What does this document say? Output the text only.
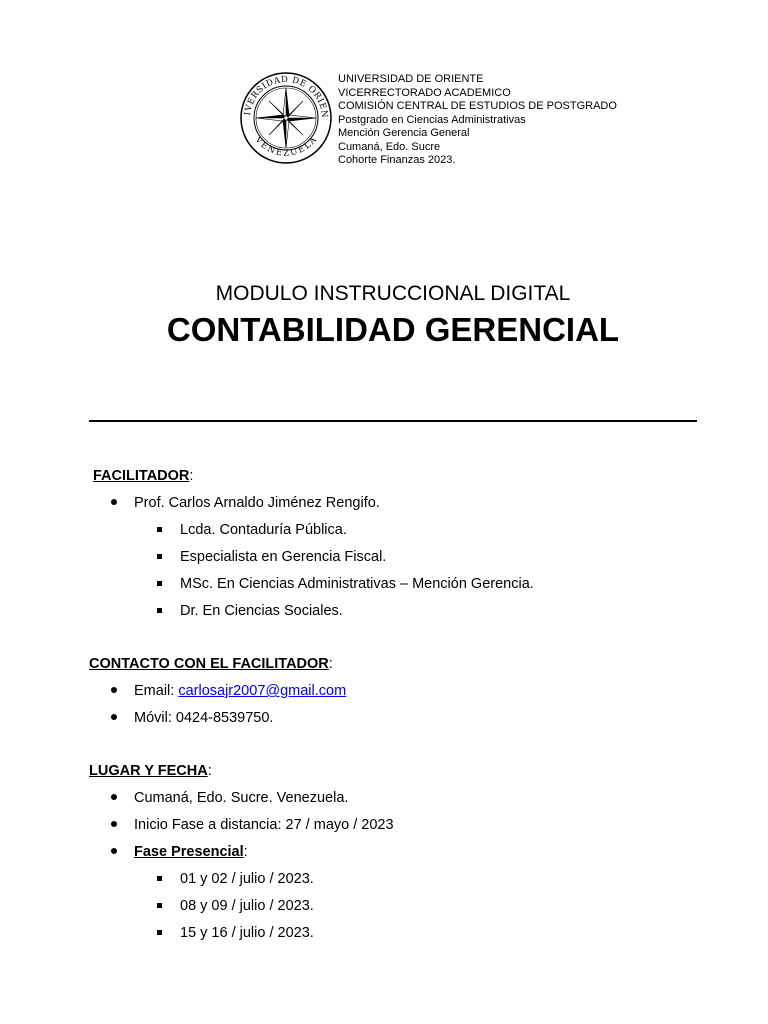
IVERSIDAD DE ORIEN
VENEZUELA
UNIVERSIDAD DE ORIENTE
VICERRECTORADO ACADEMICO
COMISIÓN CENTRAL DE ESTUDIOS DE POSTGRADO
Postgrado en Ciencias Administrativas
Mención Gerencia General
Cumaná, Edo. Sucre
Cohorte Finanzas 2023.
MODULO INSTRUCCIONAL DIGITAL
CONTABILIDAD GERENCIAL
FACILITADOR:
Prof. Carlos Arnaldo Jiménez Rengifo.
Lcda. Contaduría Pública.
Especialista en Gerencia Fiscal.
MSc. En Ciencias Administrativas – Mención Gerencia.
Dr. En Ciencias Sociales.
CONTACTO CON EL FACILITADOR:
Email: carlosajr2007@gmail.com
Móvil: 0424-8539750.
LUGAR Y FECHA:
Cumaná, Edo. Sucre. Venezuela.
Inicio Fase a distancia: 27 / mayo / 2023
Fase Presencial:
01 y 02 / julio / 2023.
08 y 09 / julio / 2023.
15 y 16 / julio / 2023.
